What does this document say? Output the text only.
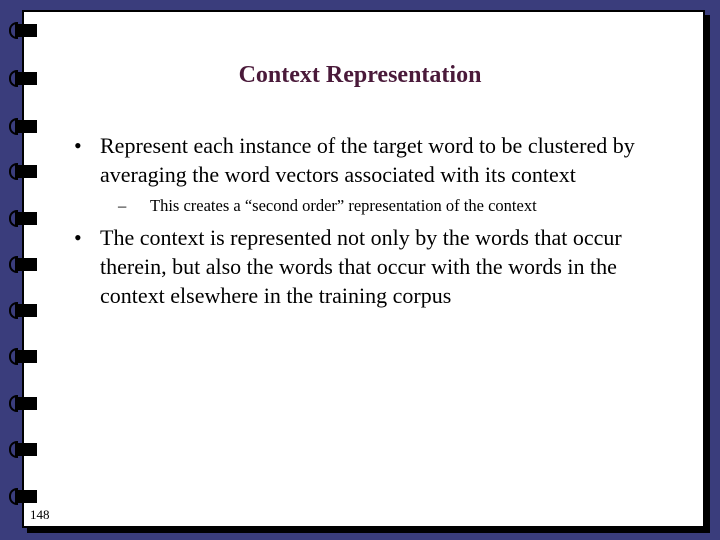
Context Representation
• Represent each instance of the target word to be clustered by averaging the word vectors associated with its context
– This creates a “second order” representation of the context
• The context is represented not only by the words that occur therein, but also the words that occur with the words in the context elsewhere in the training corpus
148
